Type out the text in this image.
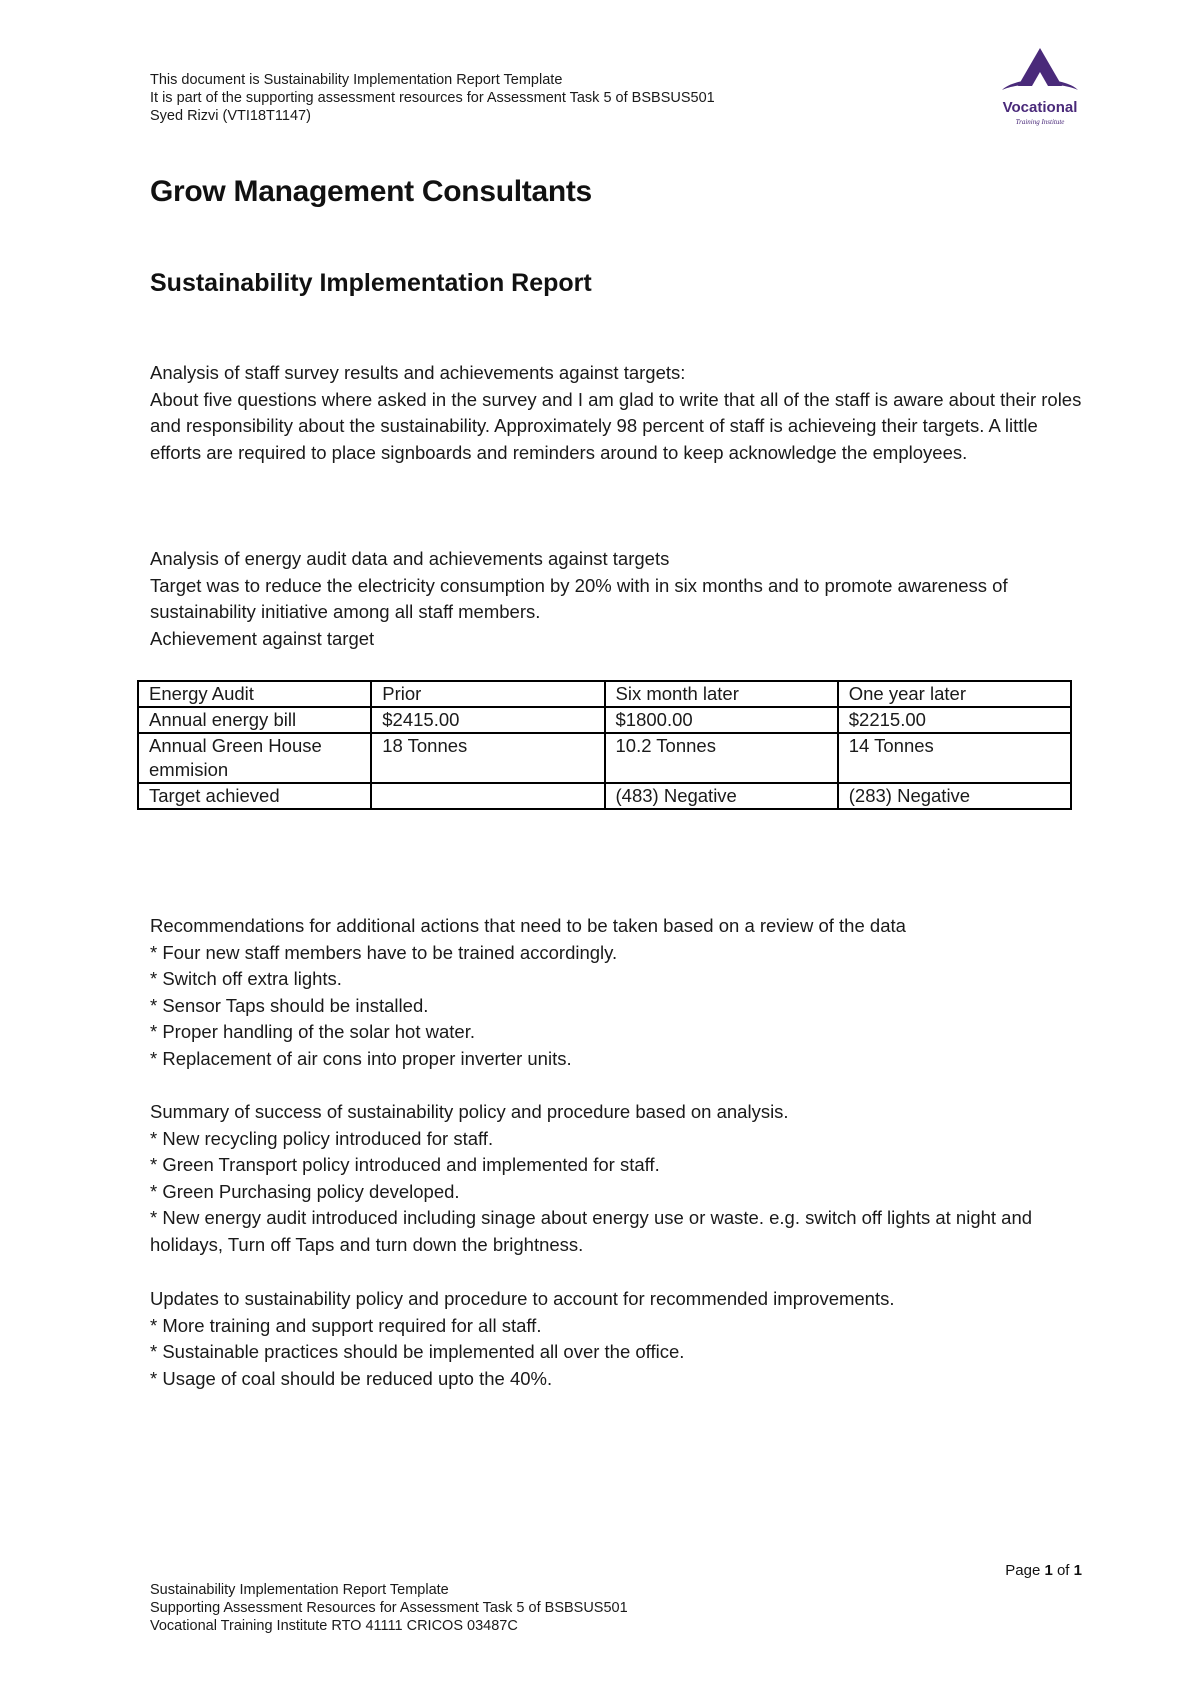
This document is Sustainability Implementation Report Template
It is part of the supporting assessment resources for Assessment Task 5 of BSBSUS501
Syed Rizvi (VTI18T1147)	Vocational
Training Institute
Grow Management Consultants
Sustainability Implementation Report

Analysis of staff survey results and achievements against targets:

About five questions where asked in the survey and I am glad to write that all of the staff is aware about their roles and responsibility about the sustainability. Approximately 98 percent of staff is achieveing their targets. A little efforts are required to place signboards and reminders around to keep acknowledge the employees.

Analysis of energy audit data and achievements against targets

Target was to reduce the electricity consumption by 20% with in six months and to promote awareness of sustainability initiative among all staff members.

Achievement against target

Energy Audit	Prior	Six month later	One year later
Annual energy bill	$2415.00	$1800.00	$2215.00
Annual Green House emmision	18 Tonnes	10.2 Tonnes	14 Tonnes
Target achieved		(483) Negative	(283) Negative

Recommendations for additional actions that need to be taken based on a review of the data

* Four new staff members have to be trained accordingly.

* Switch off extra lights.

* Sensor Taps should be installed.

* Proper handling of the solar hot water.

* Replacement of air cons into proper inverter units.

Summary of success of sustainability policy and procedure based on analysis.

* New recycling policy introduced for staff.

* Green Transport policy introduced and implemented for staff.

* Green Purchasing policy developed.

* New energy audit introduced including sinage about energy use or waste. e.g. switch off lights at night and holidays, Turn off Taps and turn down the brightness.

Updates to sustainability policy and procedure to account for recommended improvements.

* More training and support required for all staff.

* Sustainable practices should be implemented all over the office.

* Usage of coal should be reduced upto the 40%.

Page 1 of 1
Sustainability Implementation Report Template
Supporting Assessment Resources for Assessment Task 5 of BSBSUS501
Vocational Training Institute RTO 41111 CRICOS 03487C
